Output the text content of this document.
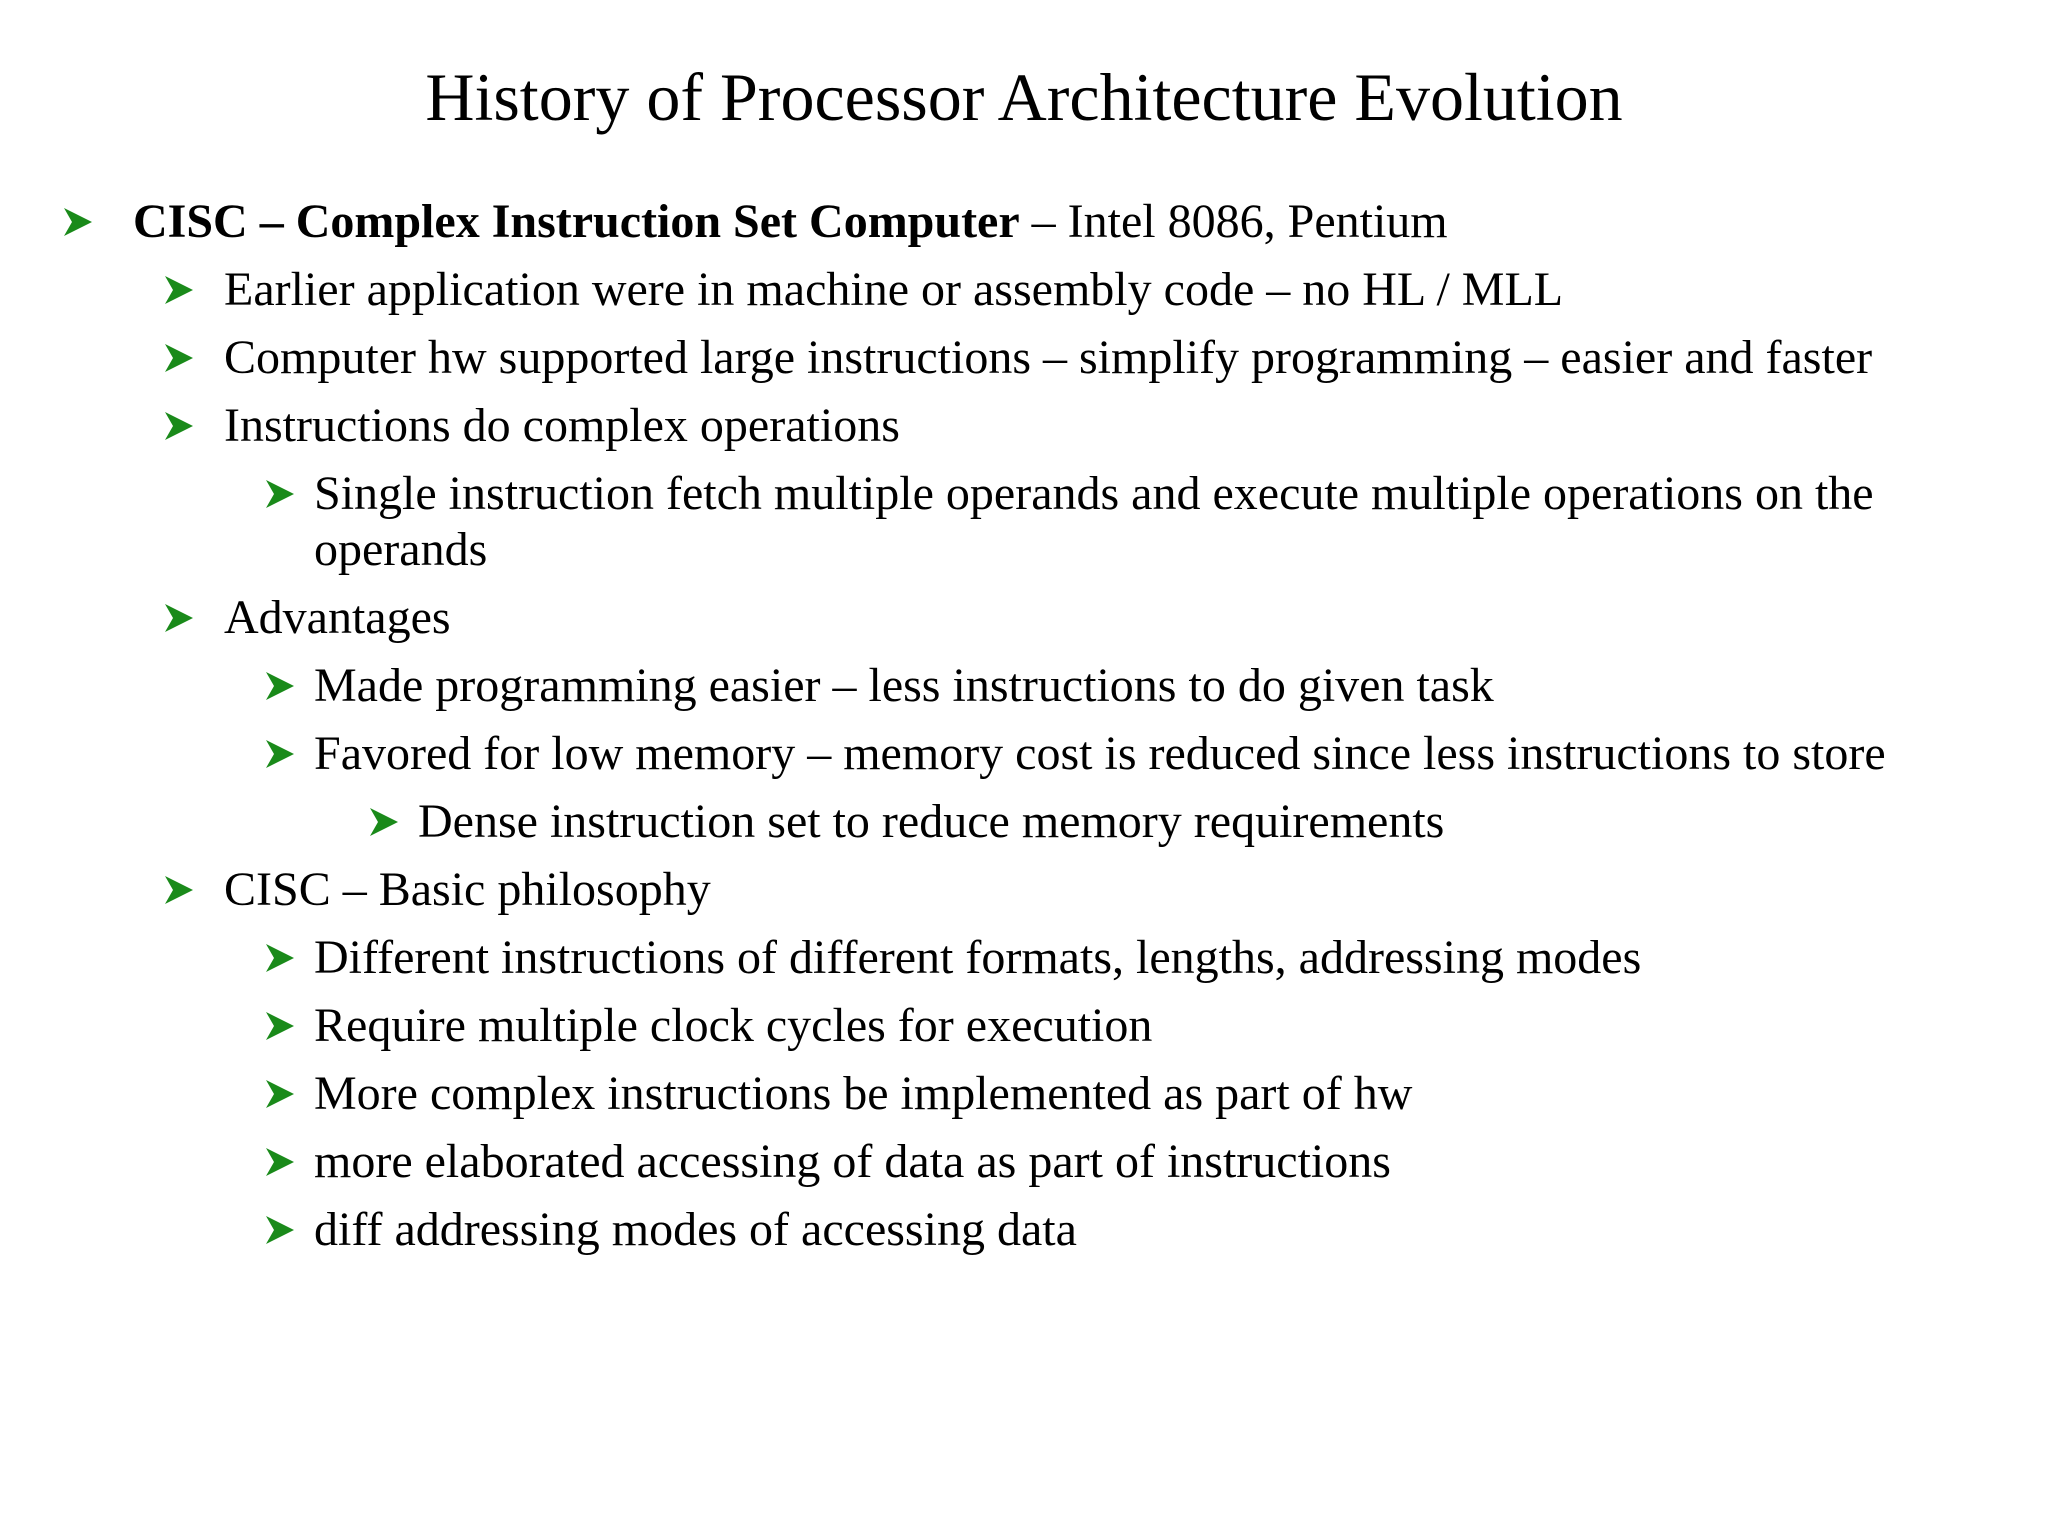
History of Processor Architecture Evolution
CISC – Complex Instruction Set Computer – Intel 8086, Pentium
Earlier application were in machine or assembly code – no HL / MLL
Computer hw supported large instructions – simplify programming – easier and faster
Instructions do complex operations
Single instruction fetch multiple operands and execute multiple operations on the operands
Advantages
Made programming easier – less instructions to do given task
Favored for low memory – memory cost is reduced since less instructions to store
Dense instruction set to reduce memory requirements
CISC – Basic philosophy
Different instructions of different formats, lengths, addressing modes
Require multiple clock cycles for execution
More complex instructions be implemented as part of hw
more elaborated accessing of data as part of instructions
diff addressing modes of accessing data
